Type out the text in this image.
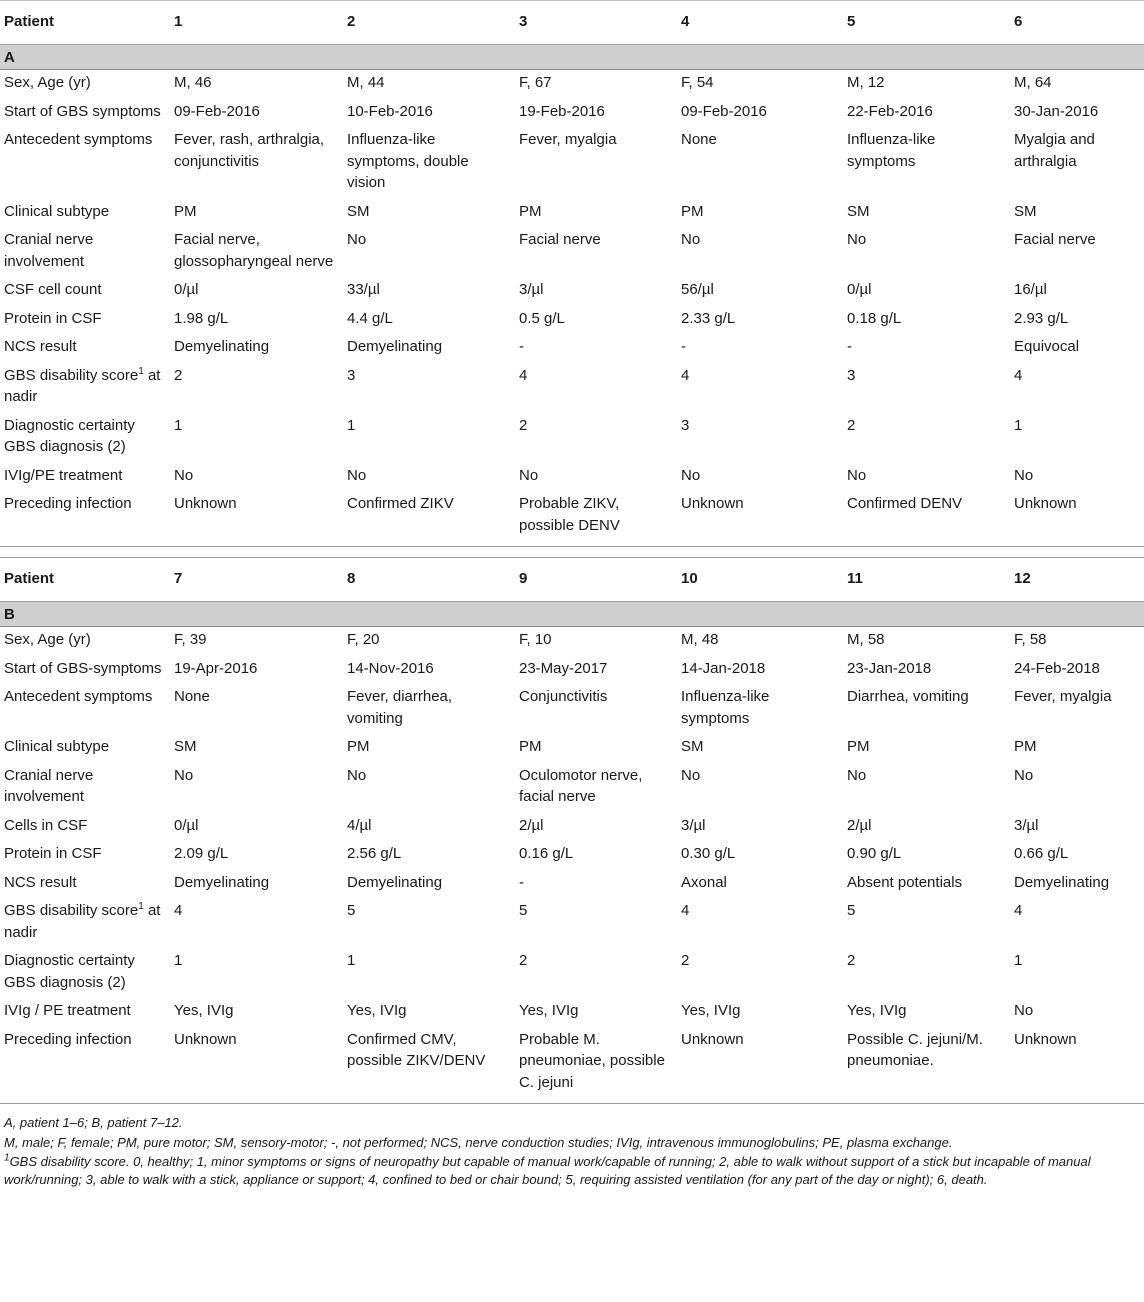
Patient	1	2	3	4	5	6
A						
Sex, Age (yr)	M, 46	M, 44	F, 67	F, 54	M, 12	M, 64
Start of GBS symptoms	09-Feb-2016	10-Feb-2016	19-Feb-2016	09-Feb-2016	22-Feb-2016	30-Jan-2016
Antecedent symptoms	Fever, rash, arthralgia, conjunctivitis	Influenza-like symptoms, double vision	Fever, myalgia	None	Influenza-like symptoms	Myalgia and arthralgia
Clinical subtype	PM	SM	PM	PM	SM	SM
Cranial nerve involvement	Facial nerve, glossopharyngeal nerve	No	Facial nerve	No	No	Facial nerve
CSF cell count	0/µl	33/µl	3/µl	56/µl	0/µl	16/µl
Protein in CSF	1.98 g/L	4.4 g/L	0.5 g/L	2.33 g/L	0.18 g/L	2.93 g/L
NCS result	Demyelinating	Demyelinating	-	-	-	Equivocal
GBS disability score$^1$ at nadir	2	3	4	4	3	4
Diagnostic certainty GBS diagnosis (2)	1	1	2	3	2	1
IVIg/PE treatment	No	No	No	No	No	No
Preceding infection	Unknown	Confirmed ZIKV	Probable ZIKV, possible DENV	Unknown	Confirmed DENV	Unknown

Patient	7	8	9	10	11	12
B						
Sex, Age (yr)	F, 39	F, 20	F, 10	M, 48	M, 58	F, 58
Start of GBS-symptoms	19-Apr-2016	14-Nov-2016	23-May-2017	14-Jan-2018	23-Jan-2018	24-Feb-2018
Antecedent symptoms	None	Fever, diarrhea, vomiting	Conjunctivitis	Influenza-like symptoms	Diarrhea, vomiting	Fever, myalgia
Clinical subtype	SM	PM	PM	SM	PM	PM
Cranial nerve involvement	No	No	Oculomotor nerve, facial nerve	No	No	No
Cells in CSF	0/µl	4/µl	2/µl	3/µl	2/µl	3/µl
Protein in CSF	2.09 g/L	2.56 g/L	0.16 g/L	0.30 g/L	0.90 g/L	0.66 g/L
NCS result	Demyelinating	Demyelinating	-	Axonal	Absent potentials	Demyelinating
GBS disability score$^1$ at nadir	4	5	5	4	5	4
Diagnostic certainty GBS diagnosis (2)	1	1	2	2	2	1
IVIg / PE treatment	Yes, IVIg	Yes, IVIg	Yes, IVIg	Yes, IVIg	Yes, IVIg	No
Preceding infection	Unknown	Confirmed CMV, possible ZIKV/DENV	Probable M. pneumoniae, possible C. jejuni	Unknown	Possible C. jejuni/M. pneumoniae.	Unknown

A, patient 1–6; B, patient 7–12.

M, male; F, female; PM, pure motor; SM, sensory-motor; -, not performed; NCS, nerve conduction studies; IVIg, intravenous immunoglobulins; PE, plasma exchange.

$^1$GBS disability score. 0, healthy; 1, minor symptoms or signs of neuropathy but capable of manual work/capable of running; 2, able to walk without support of a stick but incapable of manual work/running; 3, able to walk with a stick, appliance or support; 4, confined to bed or chair bound; 5, requiring assisted ventilation (for any part of the day or night); 6, death.
